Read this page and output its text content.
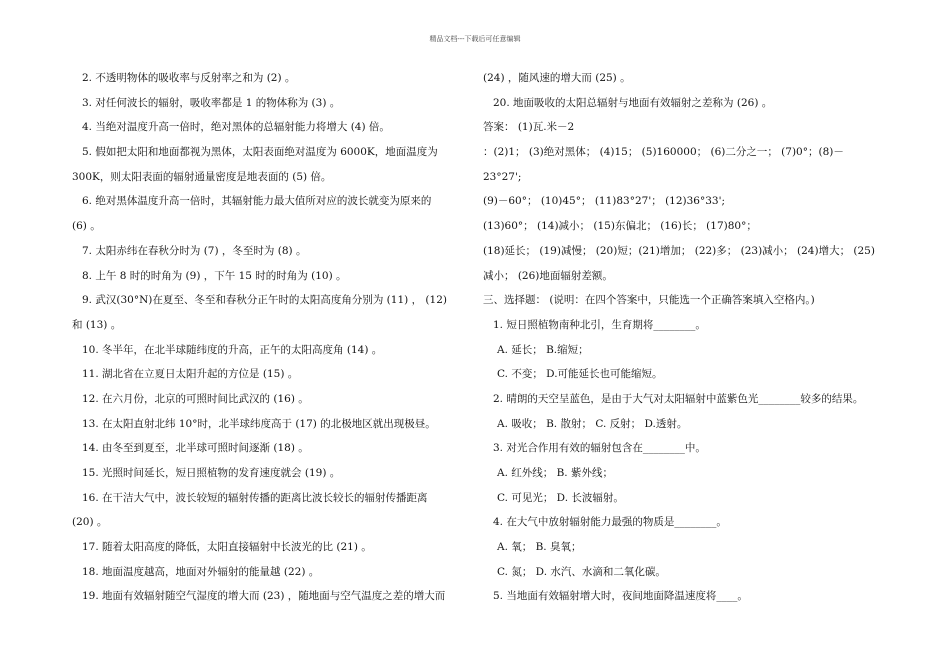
精品文档---下载后可任意编辑
2. 不透明物体的吸收率与反射率之和为 (2) 。
3. 对任何波长的辐射，吸收率都是 1 的物体称为 (3) 。
4. 当绝对温度升高一倍时，绝对黑体的总辐射能力将增大 (4) 倍。
5. 假如把太阳和地面都视为黑体，太阳表面绝对温度为 6000K，地面温度为
300K，则太阳表面的辐射通量密度是地表面的 (5) 倍。
6. 绝对黑体温度升高一倍时，其辐射能力最大值所对应的波长就变为原来的
(6) 。
7. 太阳赤纬在春秋分时为 (7) ，冬至时为 (8) 。
8. 上午 8 时的时角为 (9) ，下午 15 时的时角为 (10) 。
9. 武汉(30°N)在夏至、冬至和春秋分正午时的太阳高度角分别为 (11) ， (12)
和 (13) 。
10. 冬半年，在北半球随纬度的升高，正午的太阳高度角 (14) 。
11. 湖北省在立夏日太阳升起的方位是 (15) 。
12. 在六月份，北京的可照时间比武汉的 (16) 。
13. 在太阳直射北纬 10°时，北半球纬度高于 (17) 的北极地区就出现极昼。
14. 由冬至到夏至，北半球可照时间逐渐 (18) 。
15. 光照时间延长，短日照植物的发育速度就会 (19) 。
16. 在干洁大气中，波长较短的辐射传播的距离比波长较长的辐射传播距离
(20) 。
17. 随着太阳高度的降低，太阳直接辐射中长波光的比 (21) 。
18. 地面温度越高，地面对外辐射的能量越 (22) 。
19. 地面有效辐射随空气湿度的增大而 (23) ，随地面与空气温度之差的增大而
(24) ，随风速的增大而 (25) 。
20. 地面吸收的太阳总辐射与地面有效辐射之差称为 (26) 。
答案： (1)瓦.米－2
：(2)1； (3)绝对黑体； (4)15； (5)160000； (6)二分之一； (7)0°；(8)－
23°27';
(9)－60°； (10)45°； (11)83°27'； (12)36°33';
(13)60°； (14)减小； (15)东偏北； (16)长； (17)80°；
(18)延长； (19)减慢； (20)短；(21)增加； (22)多； (23)减小； (24)增大； (25)
减小； (26)地面辐射差额。
三、选择题： (说明：在四个答案中，只能选一个正确答案填入空格内。)
1. 短日照植物南种北引，生育期将________。
A. 延长； B.缩短；
C. 不变； D.可能延长也可能缩短。
2. 晴朗的天空呈蓝色，是由于大气对太阳辐射中蓝紫色光________较多的结果。
A. 吸收； B. 散射； C. 反射； D.透射。
3. 对光合作用有效的辐射包含在________中。
A. 红外线； B. 紫外线；
C. 可见光； D. 长波辐射。
4. 在大气中放射辐射能力最强的物质是________。
A. 氧； B. 臭氧；
C. 氮； D. 水汽、水滴和二氧化碳。
5. 当地面有效辐射增大时，夜间地面降温速度将____。
